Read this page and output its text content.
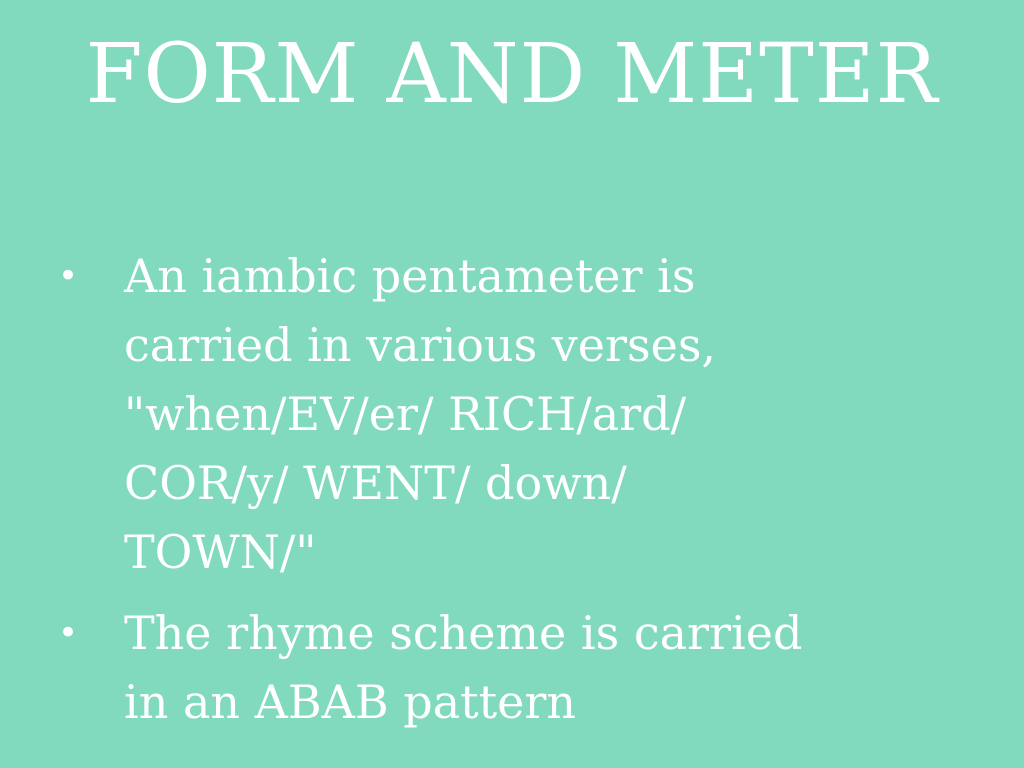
FORM AND METER
• An iambic pentameter is
carried in various verses,
"when/EV/er/ RICH/ard/
COR/y/ WENT/ down/
TOWN/"
• The rhyme scheme is carried
in an ABAB pattern
